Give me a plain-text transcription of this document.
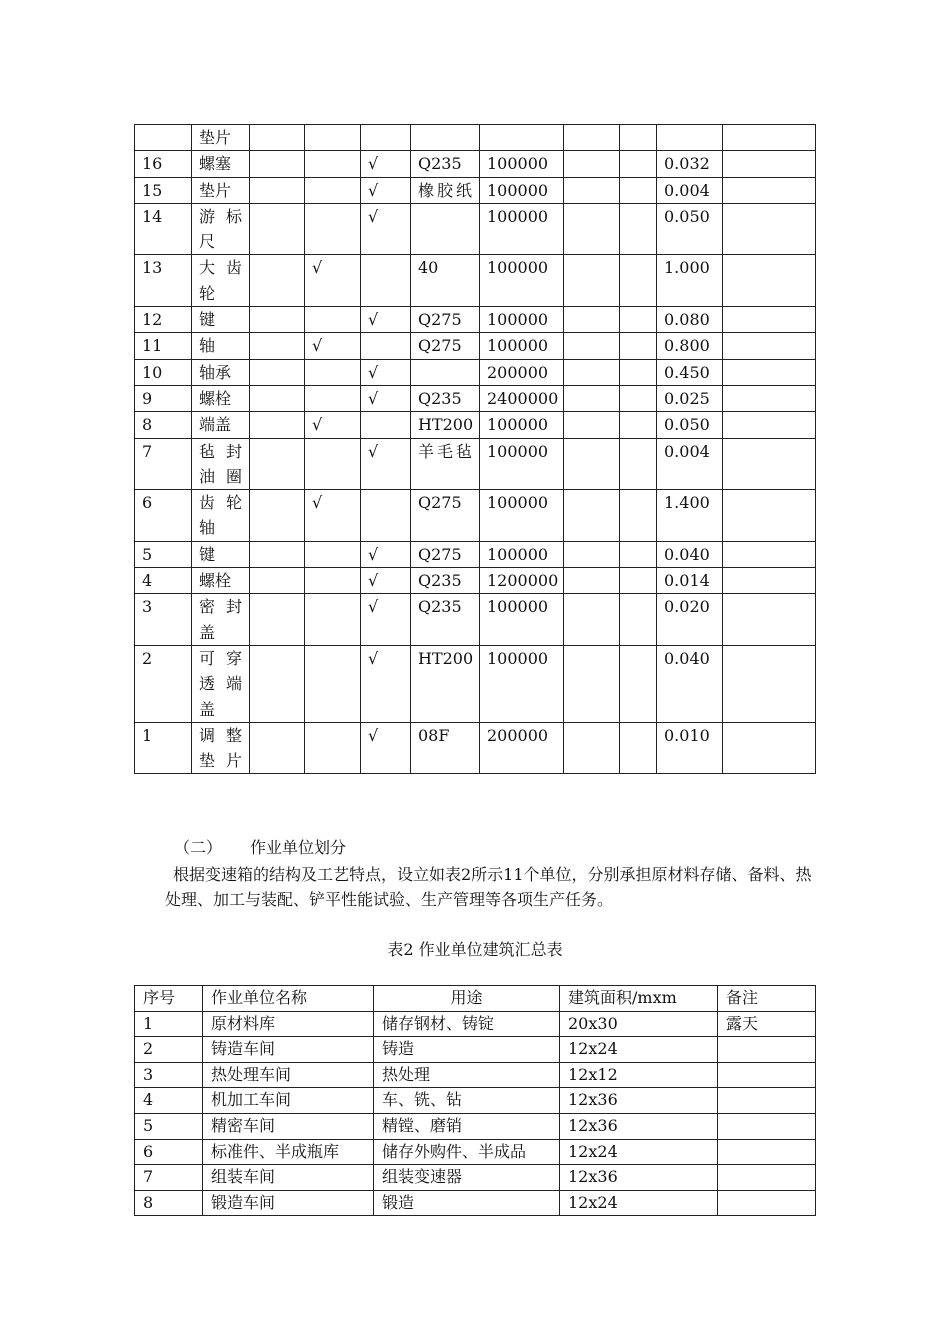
	垫片									
16	螺塞			√	Q235	100000			0.032	
15	垫片			√	橡胶纸	100000			0.004	
14	游标尺			√		100000			0.050	
13	大齿轮		√		40	100000			1.000	
12	键			√	Q275	100000			0.080	
11	轴		√		Q275	100000			0.800	
10	轴承			√		200000			0.450	
9	螺栓			√	Q235	2400000			0.025	
8	端盖		√		HT200	100000			0.050	
7	毡封油圈			√	羊毛毡	100000			0.004	
6	齿轮轴		√		Q275	100000			1.400	
5	键			√	Q275	100000			0.040	
4	螺栓			√	Q235	1200000			0.014	
3	密封盖			√	Q235	100000			0.020	
2	可穿透端盖			√	HT200	100000			0.040	
1	调整垫片			√	08F	200000			0.010	
（二） 作业单位划分
根据变速箱的结构及工艺特点，设立如表2所示11个单位，分别承担原材料存储、备料、热处理、加工与装配、铲平性能试验、生产管理等各项生产任务。
表2 作业单位建筑汇总表
序号	作业单位名称	用途	建筑面积/mxm	备注
1	原材料库	储存钢材、铸锭	20x30	露天
2	铸造车间	铸造	12x24	
3	热处理车间	热处理	12x12	
4	机加工车间	车、铣、钻	12x36	
5	精密车间	精镗、磨销	12x36	
6	标准件、半成瓶库	储存外购件、半成品	12x24	
7	组装车间	组装变速器	12x36	
8	锻造车间	锻造	12x24	
